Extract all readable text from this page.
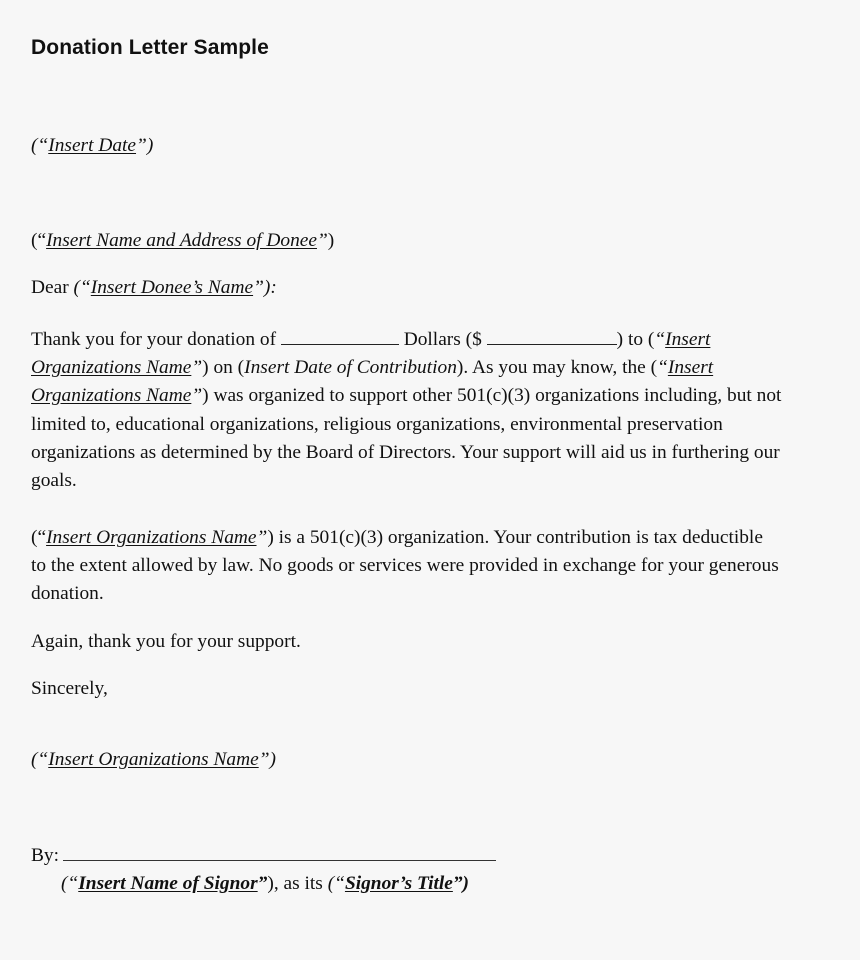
Donation Letter Sample
(“Insert Date”)
(“Insert Name and Address of Donee”)
Dear (“Insert Donee’s Name”):
Thank you for your donation of	Dollars ($	) to (“Insert
Organizations Name”) on (Insert Date of Contribution). As you may know, the (“Insert
Organizations Name”) was organized to support other 501(c)(3) organizations including, but not
limited to, educational organizations, religious organizations, environmental preservation
organizations as determined by the Board of Directors. Your support will aid us in furthering our
goals.
(“Insert Organizations Name”) is a 501(c)(3) organization. Your contribution is tax deductible
to the extent allowed by law. No goods or services were provided in exchange for your generous
donation.
Again, thank you for your support.
Sincerely,
(“Insert Organizations Name”)
By:
(“Insert Name of Signor”), as its (“Signor’s Title”)
